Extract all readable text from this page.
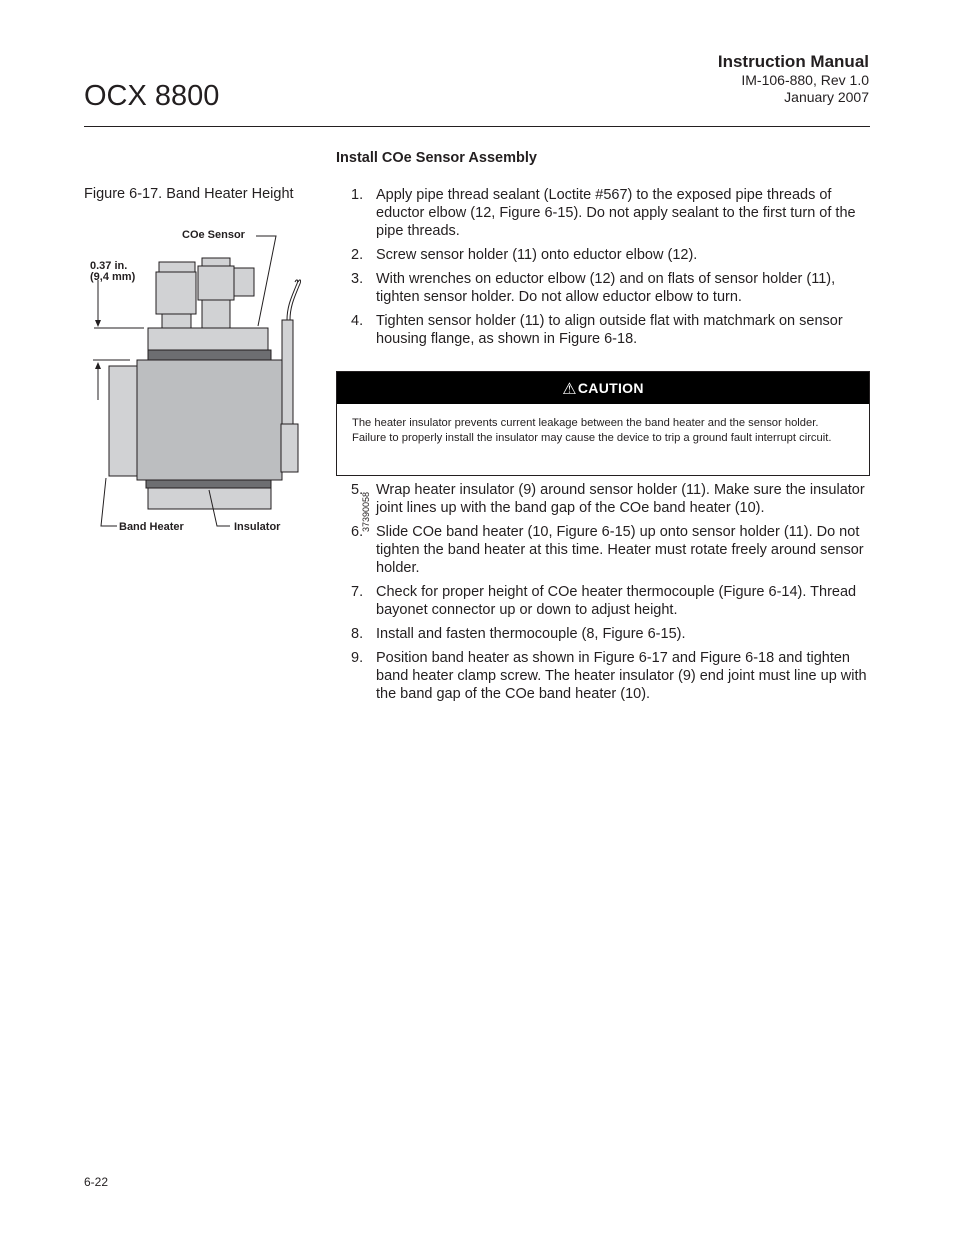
OCX 8800
Instruction Manual
IM-106-880, Rev 1.0
January 2007
Install COe Sensor Assembly
Figure 6-17. Band Heater Height
COe Sensor
0.37 in.
(9,4 mm)
Band Heater	Insulator	37390058
1. Apply pipe thread sealant (Loctite #567) to the exposed pipe threads of eductor elbow (12, Figure 6-15). Do not apply sealant to the first turn of the pipe threads.
2. Screw sensor holder (11) onto eductor elbow (12).
3. With wrenches on eductor elbow (12) and on flats of sensor holder (11), tighten sensor holder. Do not allow eductor elbow to turn.
4. Tighten sensor holder (11) to align outside flat with matchmark on sensor housing flange, as shown in Figure 6-18.
⚠ CAUTION
The heater insulator prevents current leakage between the band heater and the sensor holder. Failure to properly install the insulator may cause the device to trip a ground fault interrupt circuit.
5. Wrap heater insulator (9) around sensor holder (11). Make sure the insulator joint lines up with the band gap of the COe band heater (10).
6. Slide COe band heater (10, Figure 6-15) up onto sensor holder (11). Do not tighten the band heater at this time. Heater must rotate freely around sensor holder.
7. Check for proper height of COe heater thermocouple (Figure 6-14). Thread bayonet connector up or down to adjust height.
8. Install and fasten thermocouple (8, Figure 6-15).
9. Position band heater as shown in Figure 6-17 and Figure 6-18 and tighten band heater clamp screw. The heater insulator (9) end joint must line up with the band gap of the COe band heater (10).
6-22
